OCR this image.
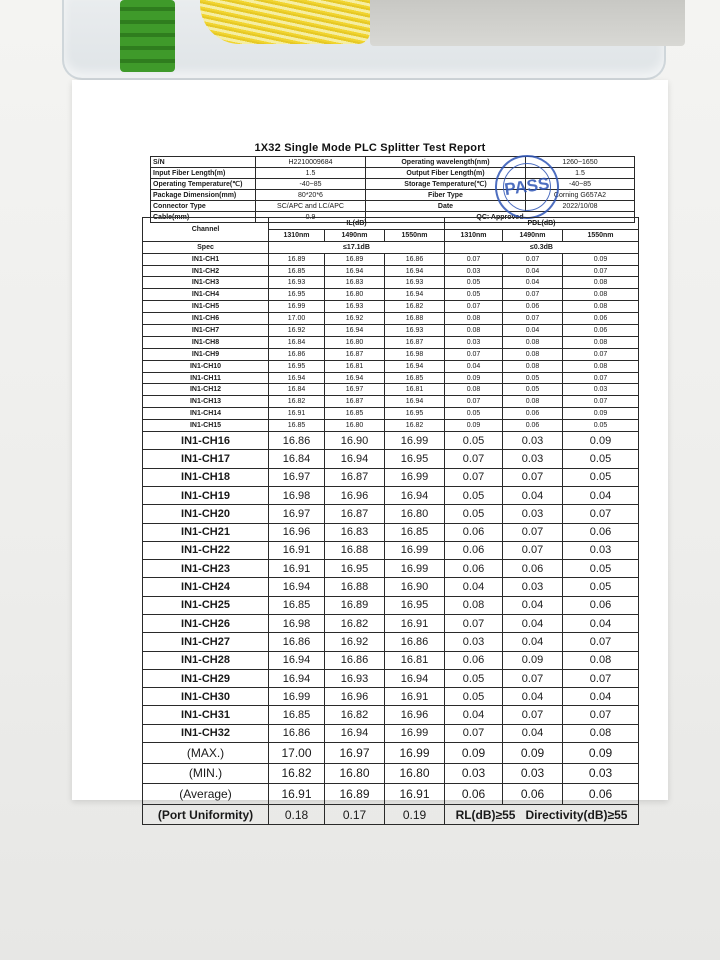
1X32 Single Mode PLC Splitter Test Report
S/N	H2210009684	Operating wavelength(nm)	1260~1650
Input Fiber Length(m)	1.5	Output Fiber Length(m)	1.5
Operating Temperature(℃)	-40~85	Storage Temperature(℃)	-40~85
Package Dimension(mm)	80*20*6	Fiber Type	Corning G657A2
Connector Type	SC/APC and LC/APC	Date	2022/10/08
Cable(mm)	0.9	QC: Approved	
PASS
Channel	IL(dB)			PDL(dB)		
	1310nm	1490nm	1550nm	1310nm	1490nm	1550nm
Spec	≤17.1dB			≤0.3dB		
IN1-CH1	16.89	16.89	16.86	0.07	0.07	0.09
IN1-CH2	16.85	16.94	16.94	0.03	0.04	0.07
IN1-CH3	16.93	16.83	16.93	0.05	0.04	0.08
IN1-CH4	16.95	16.80	16.94	0.05	0.07	0.08
IN1-CH5	16.99	16.93	16.82	0.07	0.06	0.08
IN1-CH6	17.00	16.92	16.88	0.08	0.07	0.06
IN1-CH7	16.92	16.94	16.93	0.08	0.04	0.06
IN1-CH8	16.84	16.80	16.87	0.03	0.08	0.08
IN1-CH9	16.86	16.87	16.98	0.07	0.08	0.07
IN1-CH10	16.95	16.81	16.94	0.04	0.08	0.08
IN1-CH11	16.94	16.94	16.85	0.09	0.05	0.07
IN1-CH12	16.84	16.97	16.81	0.08	0.05	0.03
IN1-CH13	16.82	16.87	16.94	0.07	0.08	0.07
IN1-CH14	16.91	16.85	16.95	0.05	0.06	0.09
IN1-CH15	16.85	16.80	16.82	0.09	0.06	0.05
IN1-CH16	16.86	16.90	16.99	0.05	0.03	0.09
IN1-CH17	16.84	16.94	16.95	0.07	0.03	0.05
IN1-CH18	16.97	16.87	16.99	0.07	0.07	0.05
IN1-CH19	16.98	16.96	16.94	0.05	0.04	0.04
IN1-CH20	16.97	16.87	16.80	0.05	0.03	0.07
IN1-CH21	16.96	16.83	16.85	0.06	0.07	0.06
IN1-CH22	16.91	16.88	16.99	0.06	0.07	0.03
IN1-CH23	16.91	16.95	16.99	0.06	0.06	0.05
IN1-CH24	16.94	16.88	16.90	0.04	0.03	0.05
IN1-CH25	16.85	16.89	16.95	0.08	0.04	0.06
IN1-CH26	16.98	16.82	16.91	0.07	0.04	0.04
IN1-CH27	16.86	16.92	16.86	0.03	0.04	0.07
IN1-CH28	16.94	16.86	16.81	0.06	0.09	0.08
IN1-CH29	16.94	16.93	16.94	0.05	0.07	0.07
IN1-CH30	16.99	16.96	16.91	0.05	0.04	0.04
IN1-CH31	16.85	16.82	16.96	0.04	0.07	0.07
IN1-CH32	16.86	16.94	16.99	0.07	0.04	0.08
(MAX.)	17.00	16.97	16.99	0.09	0.09	0.09
(MIN.)	16.82	16.80	16.80	0.03	0.03	0.03
(Average)	16.91	16.89	16.91	0.06	0.06	0.06
(Port Uniformity)	0.18	0.17	0.19	RL(dB)≥55 Directivity(dB)≥55		
